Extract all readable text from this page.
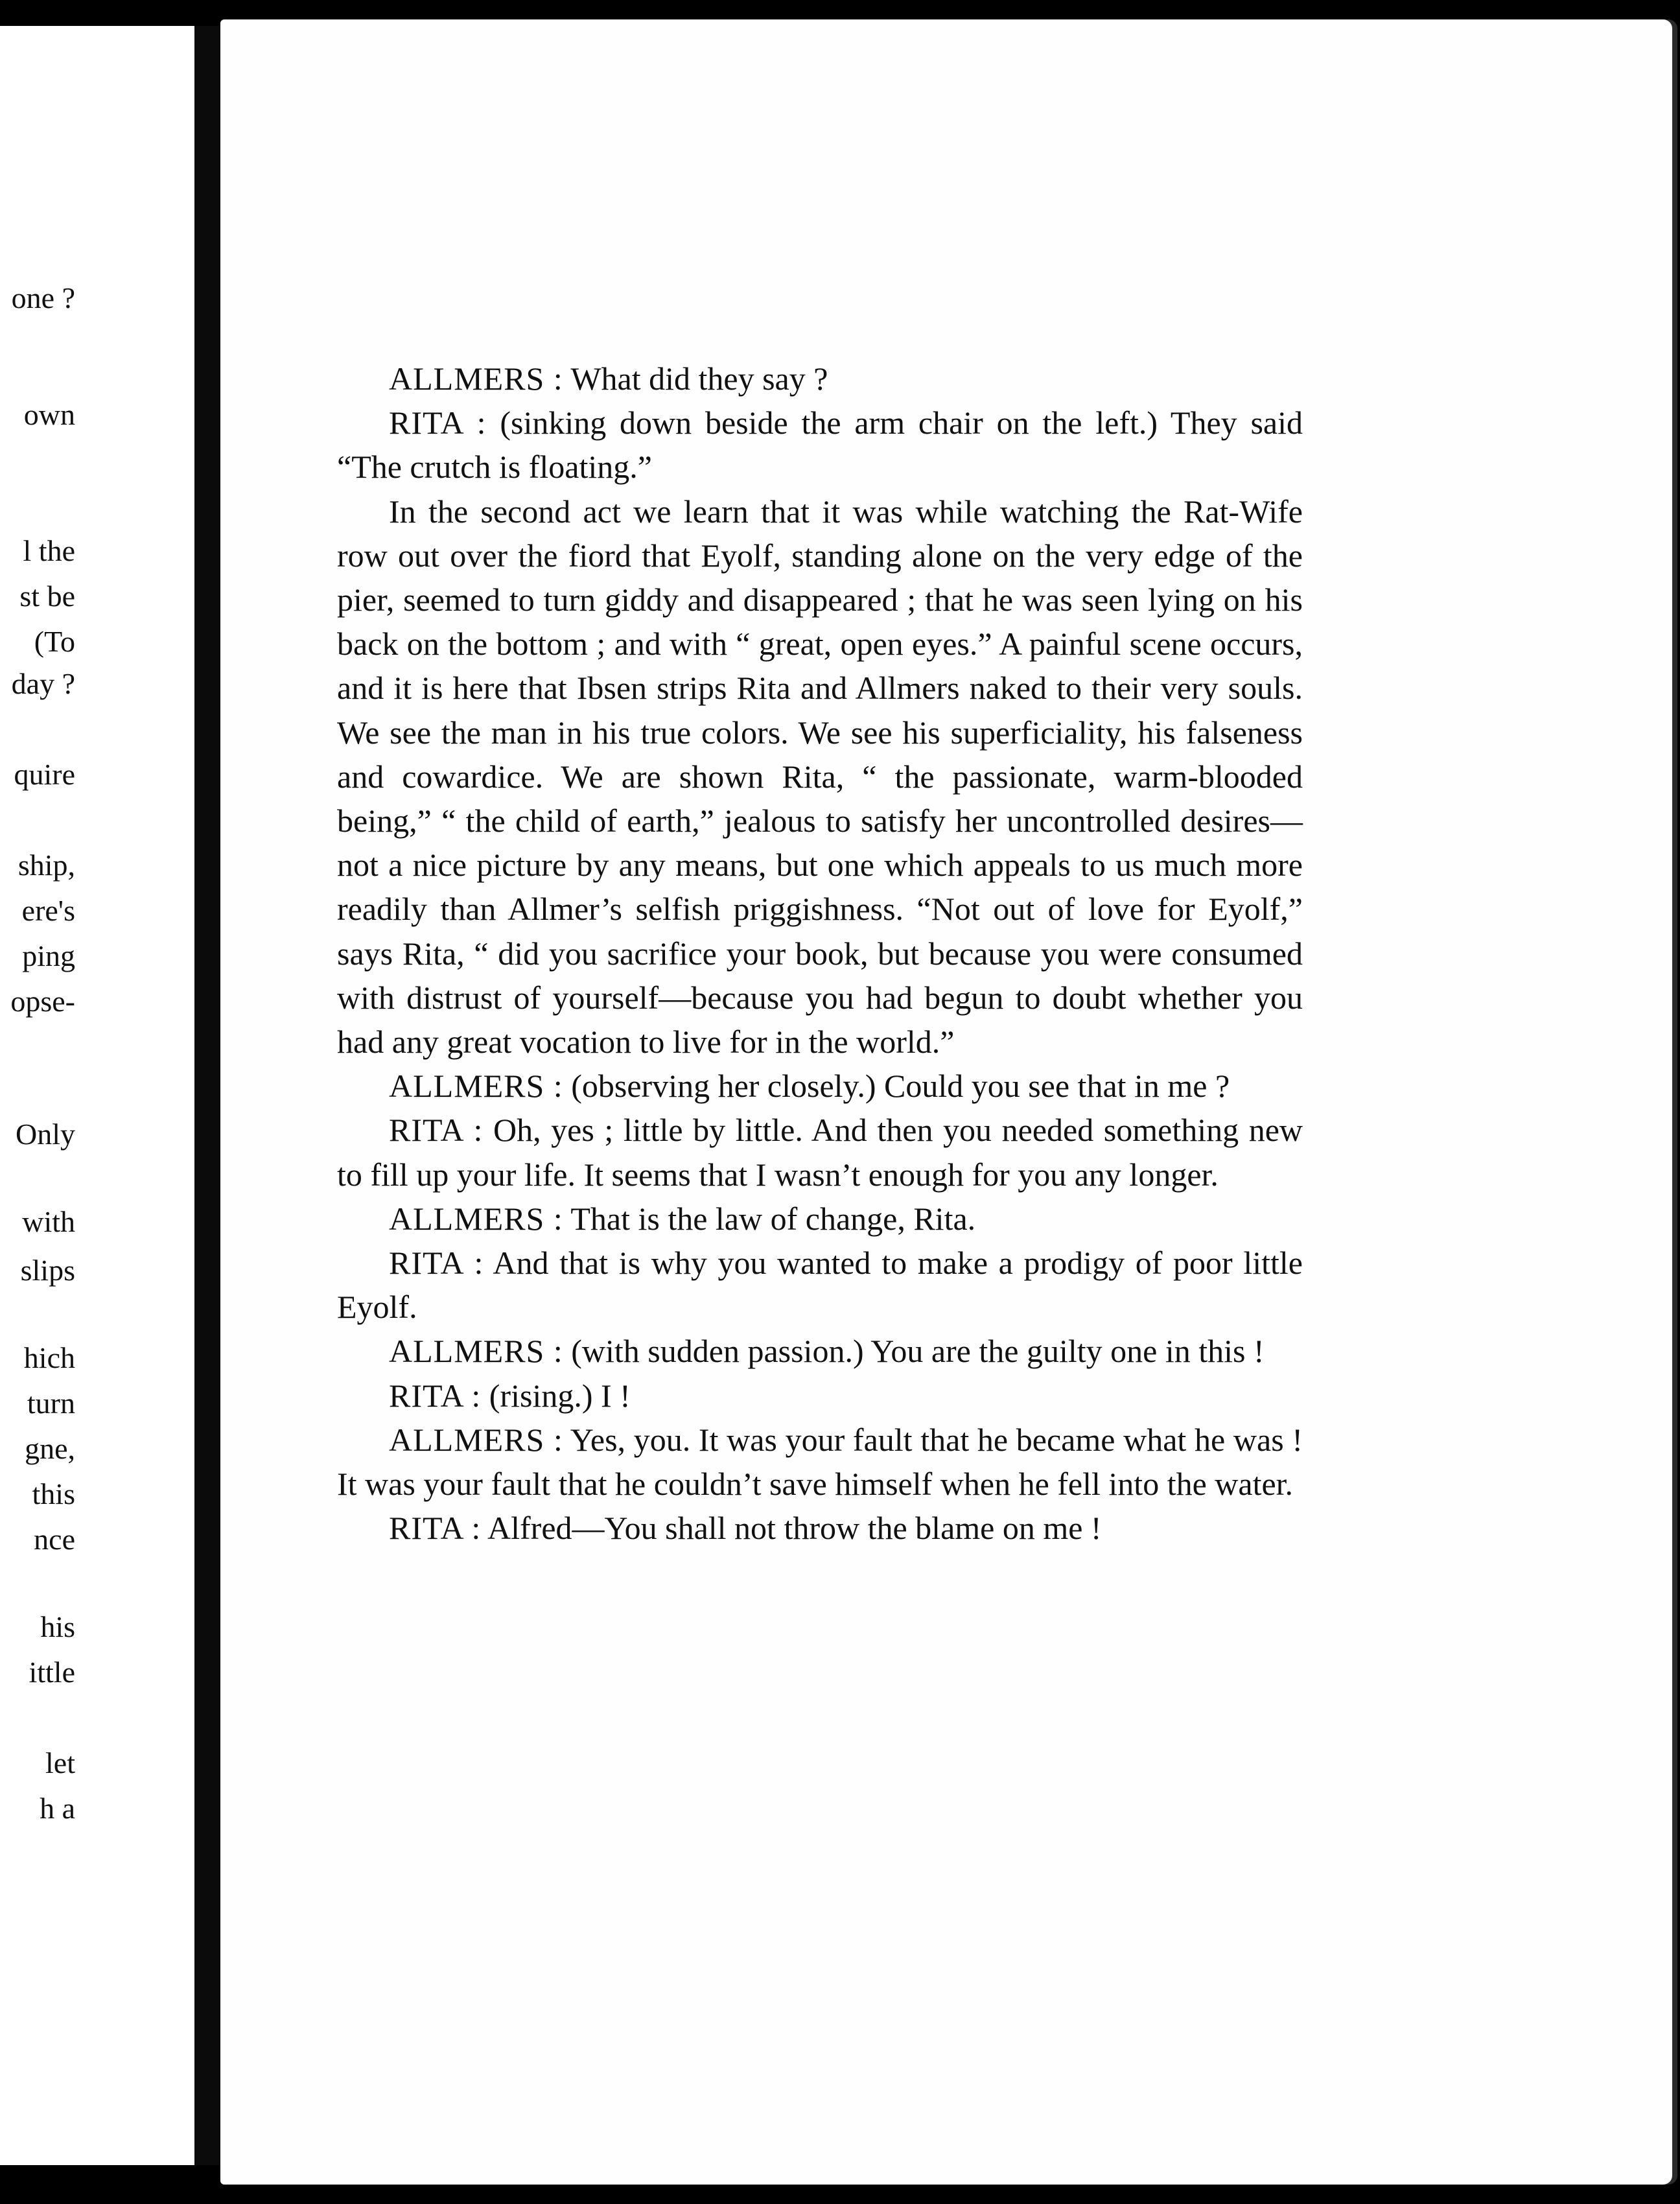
one ?
own
l the
st be
(To
day ?
quire
ship,
ere's
ping
opse-
Only
with
slips
hich
turn
gne,
this
nce
his
ittle
let
h a

ALLMERS : What did they say ?

RITA : (sinking down beside the arm chair on the left.) They said “The crutch is floating.”

In the second act we learn that it was while watching the Rat-Wife row out over the fiord that Eyolf, standing alone on the very edge of the pier, seemed to turn giddy and disappeared ; that he was seen lying on his back on the bottom ; and with “ great, open eyes.” A painful scene occurs, and it is here that Ibsen strips Rita and Allmers naked to their very souls. We see the man in his true colors. We see his superficiality, his falseness and cowardice. We are shown Rita, “ the passionate, warm-blooded being,” “ the child of earth,” jealous to satisfy her uncontrolled desires—not a nice picture by any means, but one which appeals to us much more readily than Allmer’s selfish priggishness. “Not out of love for Eyolf,” says Rita, “ did you sacrifice your book, but because you were consumed with distrust of yourself—because you had begun to doubt whether you had any great vocation to live for in the world.”

ALLMERS : (observing her closely.) Could you see that in me ?

RITA : Oh, yes ; little by little. And then you needed something new to fill up your life. It seems that I wasn’t enough for you any longer.

ALLMERS : That is the law of change, Rita.

RITA : And that is why you wanted to make a prodigy of poor little Eyolf.

ALLMERS : (with sudden passion.) You are the guilty one in this !

RITA : (rising.) I !

ALLMERS : Yes, you. It was your fault that he became what he was ! It was your fault that he couldn’t save himself when he fell into the water.

RITA : Alfred—You shall not throw the blame on me !
